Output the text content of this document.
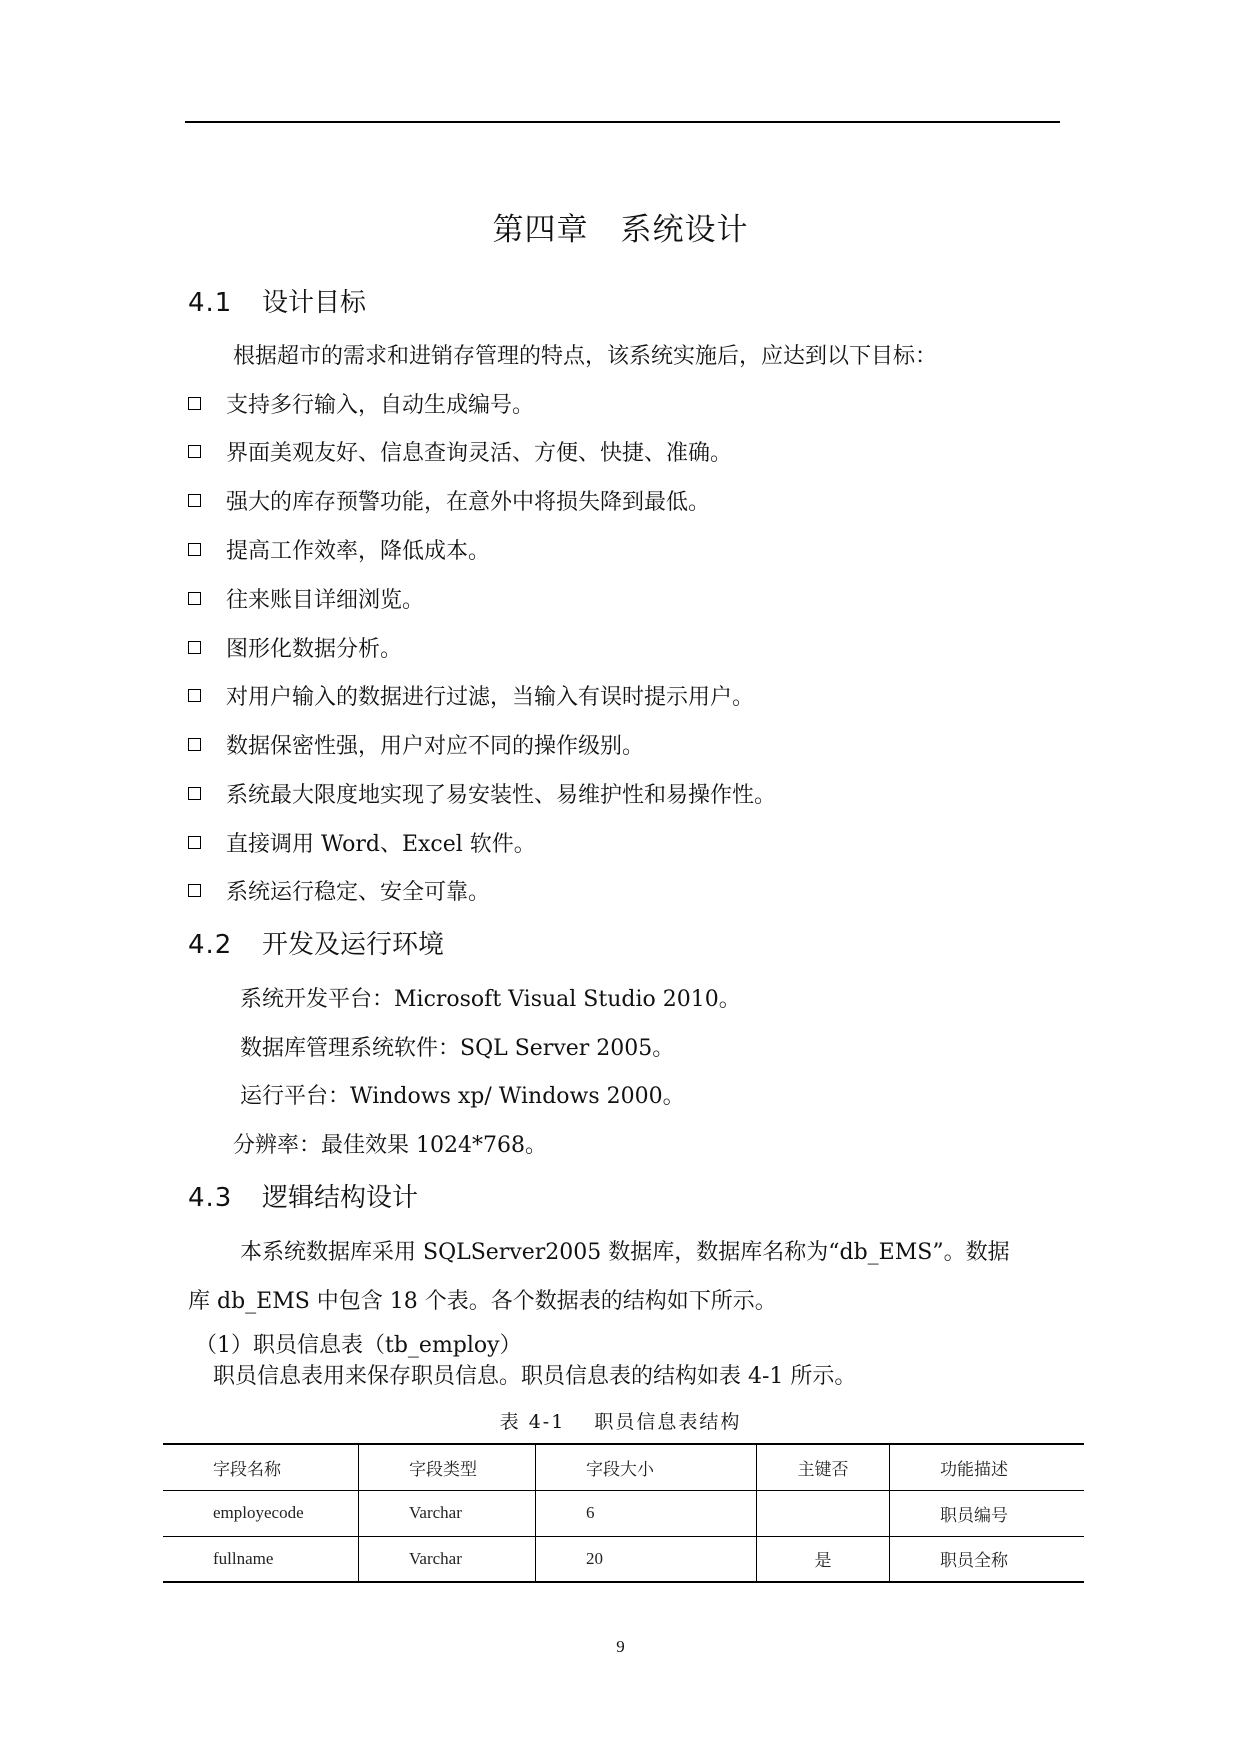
第四章　系统设计
4.1 设计目标
根据超市的需求和进销存管理的特点，该系统实施后，应达到以下目标：
支持多行输入，自动生成编号。
界面美观友好、信息查询灵活、方便、快捷、准确。
强大的库存预警功能，在意外中将损失降到最低。
提高工作效率，降低成本。
往来账目详细浏览。
图形化数据分析。
对用户输入的数据进行过滤，当输入有误时提示用户。
数据保密性强，用户对应不同的操作级别。
系统最大限度地实现了易安装性、易维护性和易操作性。
直接调用 Word、Excel 软件。
系统运行稳定、安全可靠。
4.2 开发及运行环境
系统开发平台：Microsoft Visual Studio 2010。
数据库管理系统软件：SQL Server 2005。
运行平台：Windows xp/ Windows 2000。
分辨率：最佳效果 1024*768。
4.3 逻辑结构设计
本系统数据库采用 SQLServer2005 数据库，数据库名称为“db_EMS”。数据
库 db_EMS 中包含 18 个表。各个数据表的结构如下所示。
（1）职员信息表（tb_employ）
职员信息表用来保存职员信息。职员信息表的结构如表 4-1 所示。
表 4-1　 职员信息表结构
字段名称	字段类型	字段大小	主键否	功能描述
employecode	Varchar	6		职员编号
fullname	Varchar	20	是	职员全称
9
